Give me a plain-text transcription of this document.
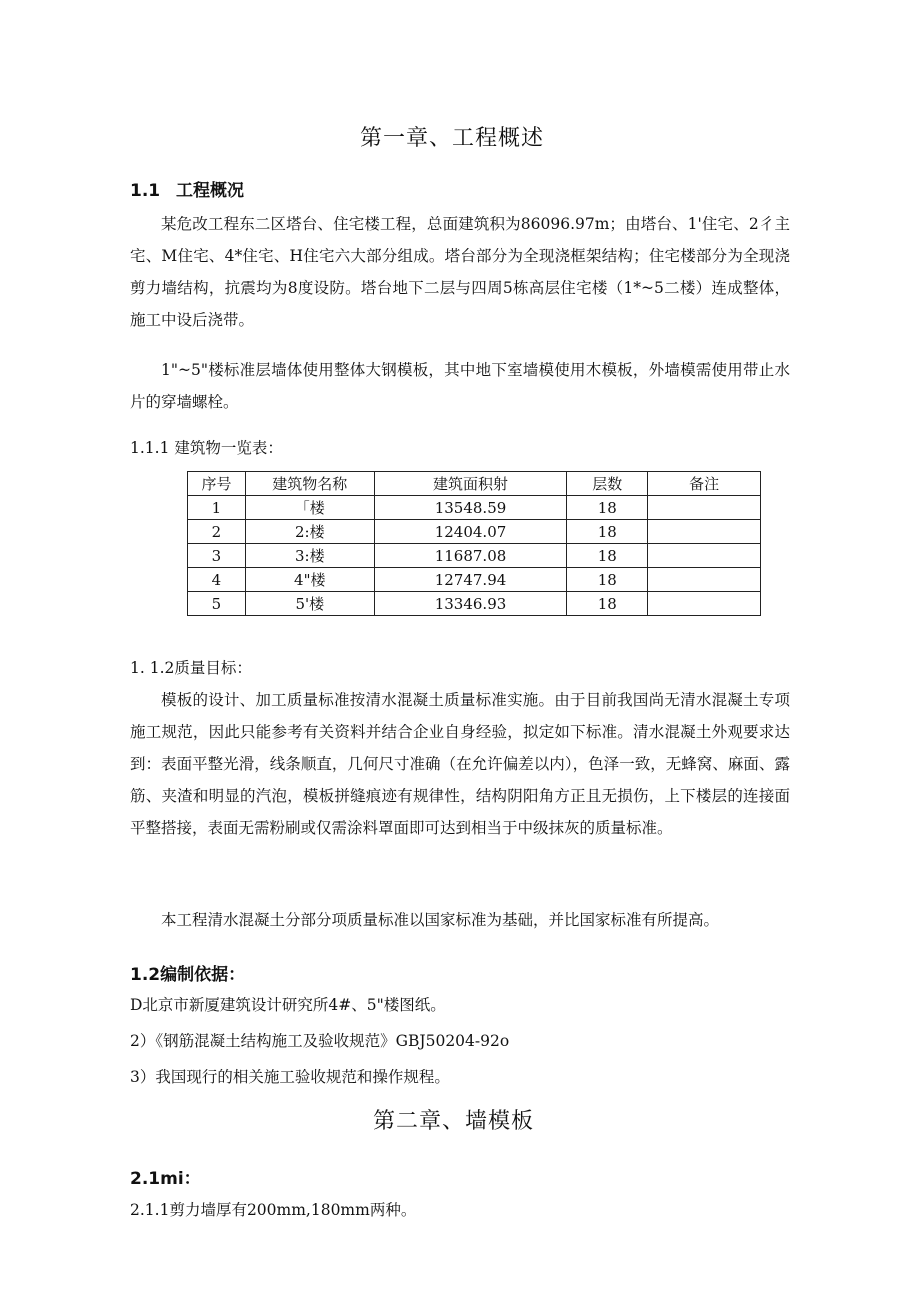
第一章、工程概述
1.1 工程概况
某危改工程东二区塔台、住宅楼工程，总面建筑积为86096.97m；由塔台、1'住宅、2彳主宅、M住宅、4*住宅、H住宅六大部分组成。塔台部分为全现浇框架结构；住宅楼部分为全现浇剪力墙结构，抗震均为8度设防。塔台地下二层与四周5栋高层住宅楼（1*~5二楼）连成整体，施工中设后浇带。
1"~5"楼标准层墙体使用整体大钢模板，其中地下室墙模使用木模板，外墙模需使用带止水片的穿墙螺栓。
1.1.1 建筑物一览表：
序号	建筑物名称	建筑面积射	层数	备注
1	「楼	13548.59	18	
2	2:楼	12404.07	18	
3	3:楼	11687.08	18	
4	4"楼	12747.94	18	
5	5'楼	13346.93	18	
1. 1.2质量目标：
模板的设计、加工质量标准按清水混凝土质量标准实施。由于目前我国尚无清水混凝土专项施工规范，因此只能参考有关资料并结合企业自身经验，拟定如下标准。清水混凝土外观要求达到：表面平整光滑，线条顺直，几何尺寸准确（在允许偏差以内），色泽一致，无蜂窝、麻面、露筋、夹渣和明显的汽泡，模板拼缝痕迹有规律性，结构阴阳角方正且无损伤，上下楼层的连接面平整搭接，表面无需粉刷或仅需涂料罩面即可达到相当于中级抹灰的质量标准。
本工程清水混凝土分部分项质量标准以国家标准为基础，并比国家标准有所提高。
1.2编制依据：
D北京市新厦建筑设计研究所4#、5"楼图纸。
2）《钢筋混凝土结构施工及验收规范》GBJ50204-92o
3）我国现行的相关施工验收规范和操作规程。
第二章、墙模板
2.1mi：
2.1.1剪力墙厚有200mm,180mm两种。
